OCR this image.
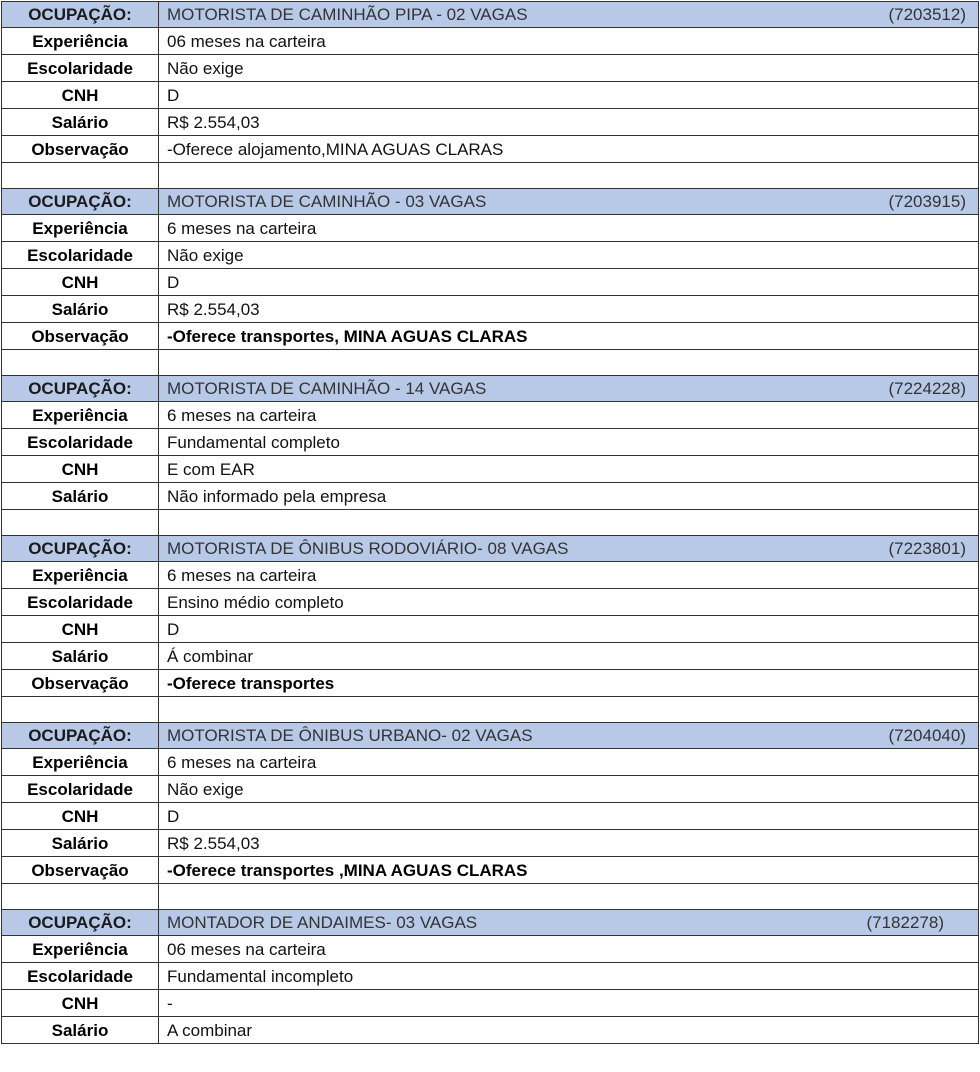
OCUPAÇÃO:	MOTORISTA DE CAMINHÃO PIPA - 02 VAGAS (7203512)

Experiência	06 meses na carteira
Escolaridade	Não exige
CNH	D
Salário	R$ 2.554,03
Observação	-Oferece alojamento,MINA AGUAS CLARAS

OCUPAÇÃO:	MOTORISTA DE CAMINHÃO - 03 VAGAS (7203915)

Experiência	6 meses na carteira
Escolaridade	Não exige
CNH	D
Salário	R$ 2.554,03
Observação	-Oferece transportes, MINA AGUAS CLARAS

OCUPAÇÃO:	MOTORISTA DE CAMINHÃO - 14 VAGAS (7224228)

Experiência	6 meses na carteira
Escolaridade	Fundamental completo
CNH	E com EAR
Salário	Não informado pela empresa

OCUPAÇÃO:	MOTORISTA DE ÔNIBUS RODOVIÁRIO- 08 VAGAS (7223801)

Experiência	6 meses na carteira
Escolaridade	Ensino médio completo
CNH	D
Salário	Á combinar
Observação	-Oferece transportes

OCUPAÇÃO:	MOTORISTA DE ÔNIBUS URBANO- 02 VAGAS (7204040)

Experiência	6 meses na carteira
Escolaridade	Não exige
CNH	D
Salário	R$ 2.554,03
Observação	-Oferece transportes ,MINA AGUAS CLARAS

OCUPAÇÃO:	MONTADOR DE ANDAIMES- 03 VAGAS (7182278)

Experiência	06 meses na carteira
Escolaridade	Fundamental incompleto
CNH	-
Salário	A combinar
